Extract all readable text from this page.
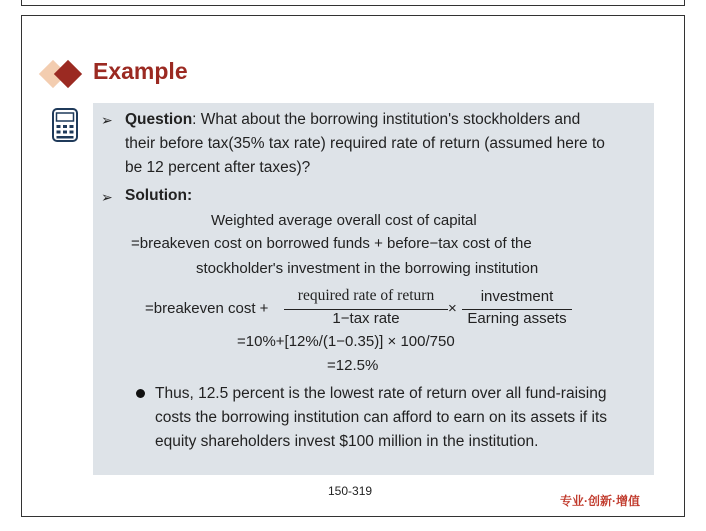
Example
➢ Question: What about the borrowing institution's stockholders and
their before tax(35% tax rate) required rate of return (assumed here to
be 12 percent after taxes)?
➢ Solution:
Weighted average overall cost of capital
=breakeven cost on borrowed funds + before−tax cost of the
stockholder's investment in the borrowing institution
=breakeven cost +
required rate of return
1−tax rate
×
investment
Earning assets
=10%+[12%/(1−0.35)] × 100/750
=12.5%
Thus, 12.5 percent is the lowest rate of return over all fund-raising
costs the borrowing institution can afford to earn on its assets if its
equity shareholders invest $100 million in the institution.
150-319
专业·创新·增值
